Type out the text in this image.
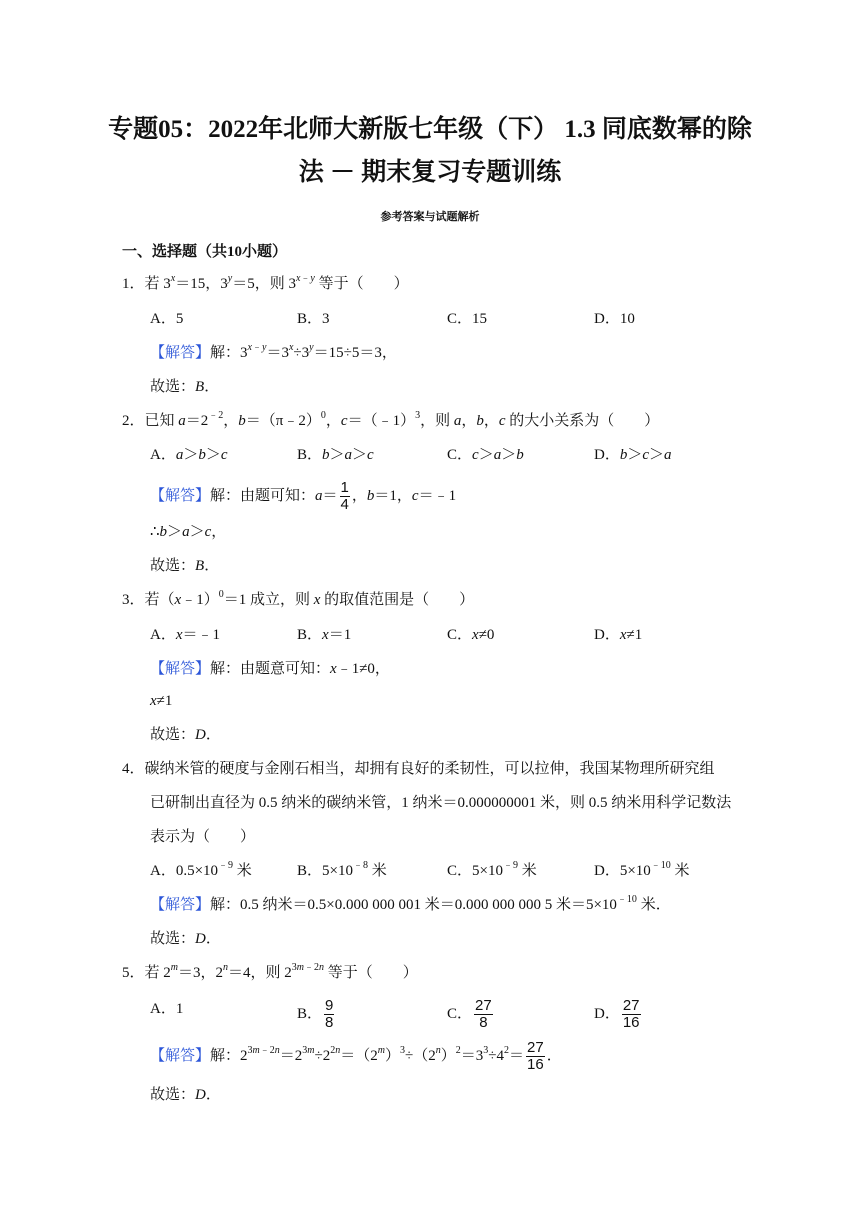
专题05：2022年北师大新版七年级（下） 1.3 同底数幂的除
法 － 期末复习专题训练
参考答案与试题解析
一、选择题（共10小题）
1．若 $3^x=15$，$3^y=5$，则 $3^{x﹣y}$ 等于（　　）
A．5	B．3	C．15	D．10
【解答】解：$3^{x﹣y}=3^x\div 3^y=15\div 5=3$，
故选：B．
2．已知 $a=2^{﹣2}$，b＝（π﹣2）$^0$，c＝（﹣1）$^3$，则 a，b，c 的大小关系为（　　）
A．a＞b＞c	B．b＞a＞c	C．c＞a＞b	D．b＞c＞a
【解答】解：由题可知：$a= \frac{1}{4}$ ，b＝1，c＝﹣1
∴b＞a＞c，
故选：B．
3．若（x﹣1）$^0$＝1 成立，则 x 的取值范围是（　　）
A．x＝﹣1	B．x＝1	C．x≠0	D．x≠1
【解答】解：由题意可知：x﹣1≠0，
x≠1
故选：D．
4．碳纳米管的硬度与金刚石相当，却拥有良好的柔韧性，可以拉伸，我国某物理所研究组
已研制出直径为 0.5 纳米的碳纳米管，1 纳米＝0.000000001 米，则 0.5 纳米用科学记数法
表示为（　　）
A．$0.5\times 10^{﹣9}$ 米	B．$5\times 10^{﹣8}$ 米	C．$5\times 10^{﹣9}$ 米	D．$5\times 10^{﹣10}$ 米
【解答】解：0.5 纳米＝0.5×0.000 000 001 米＝0.000 000 000 5 米$=5\times 10^{﹣10}$ 米．
故选：D．
5．若 $2^m=3$，$2^n=4$，则 $2^{3m﹣2n}$ 等于（　　）
A．1	B． $\frac{9}{8}$	C． $\frac{27}{8}$	D． $\frac{27}{16}$
【解答】解：$2^{3m﹣2n}=2^{3m}\div 2^{2n}=(2^m)^3\div(2^n)^2=3^3\div 4^2= \frac{27}{16}$ ．
故选：D．
